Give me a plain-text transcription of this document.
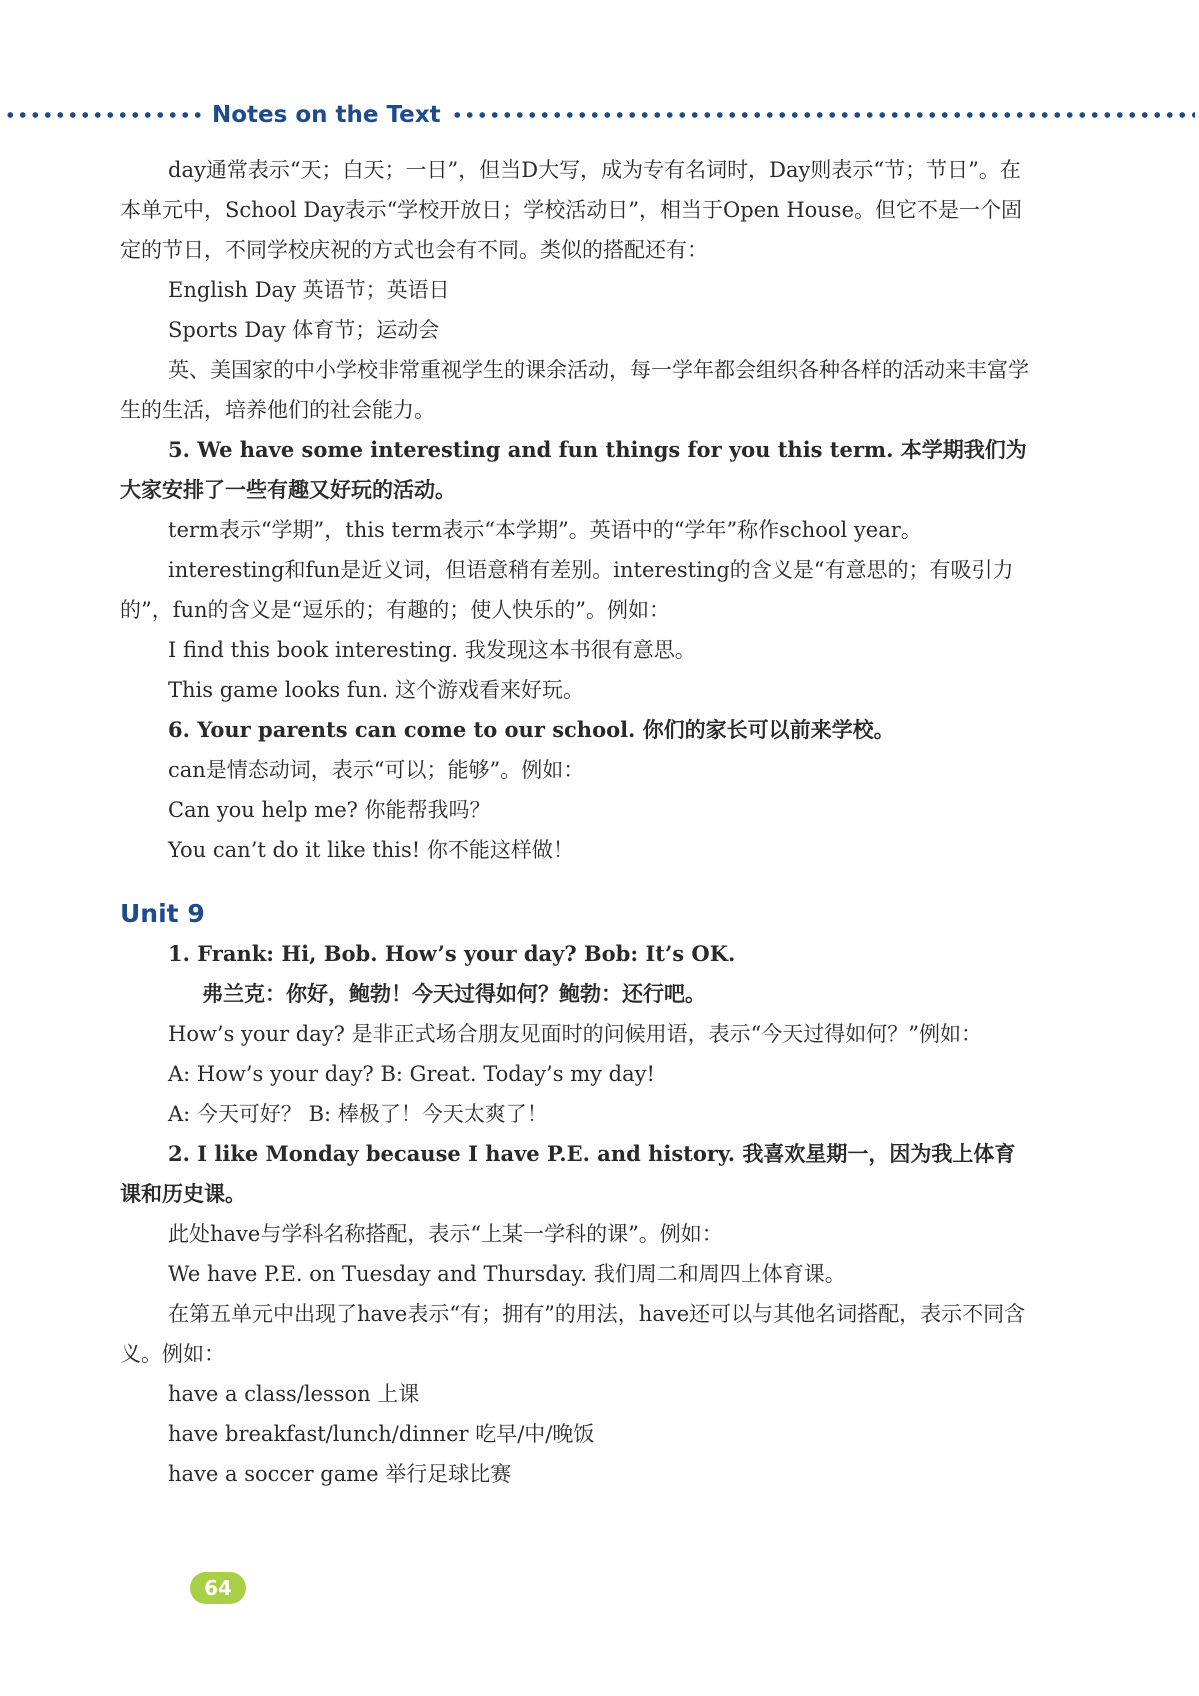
Notes on the Text

day通常表示“天；白天；一日”，但当D大写，成为专有名词时，Day则表示“节；节日”。在本单元中，School Day表示“学校开放日；学校活动日”，相当于Open House。但它不是一个固定的节日，不同学校庆祝的方式也会有不同。类似的搭配还有：

English Day 英语节；英语日

Sports Day 体育节；运动会

英、美国家的中小学校非常重视学生的课余活动，每一学年都会组织各种各样的活动来丰富学生的生活，培养他们的社会能力。

5. We have some interesting and fun things for you this term. 本学期我们为大家安排了一些有趣又好玩的活动。

term表示“学期”，this term表示“本学期”。英语中的“学年”称作school year。

interesting和fun是近义词，但语意稍有差别。interesting的含义是“有意思的；有吸引力的”，fun的含义是“逗乐的；有趣的；使人快乐的”。例如：

I find this book interesting. 我发现这本书很有意思。

This game looks fun. 这个游戏看来好玩。

6. Your parents can come to our school. 你们的家长可以前来学校。

can是情态动词，表示“可以；能够”。例如：

Can you help me? 你能帮我吗？

You can’t do it like this! 你不能这样做！

Unit 9

1. Frank: Hi, Bob. How’s your day? Bob: It’s OK.

弗兰克：你好，鲍勃！今天过得如何？鲍勃：还行吧。

How’s your day? 是非正式场合朋友见面时的问候用语，表示“今天过得如何？”例如：

A: How’s your day? B: Great. Today’s my day!

A: 今天可好？ B: 棒极了！今天太爽了！

2. I like Monday because I have P.E. and history. 我喜欢星期一，因为我上体育课和历史课。

此处have与学科名称搭配，表示“上某一学科的课”。例如：

We have P.E. on Tuesday and Thursday. 我们周二和周四上体育课。

在第五单元中出现了have表示“有；拥有”的用法，have还可以与其他名词搭配，表示不同含义。例如：

have a class/lesson 上课

have breakfast/lunch/dinner 吃早/中/晚饭

have a soccer game 举行足球比赛

64
